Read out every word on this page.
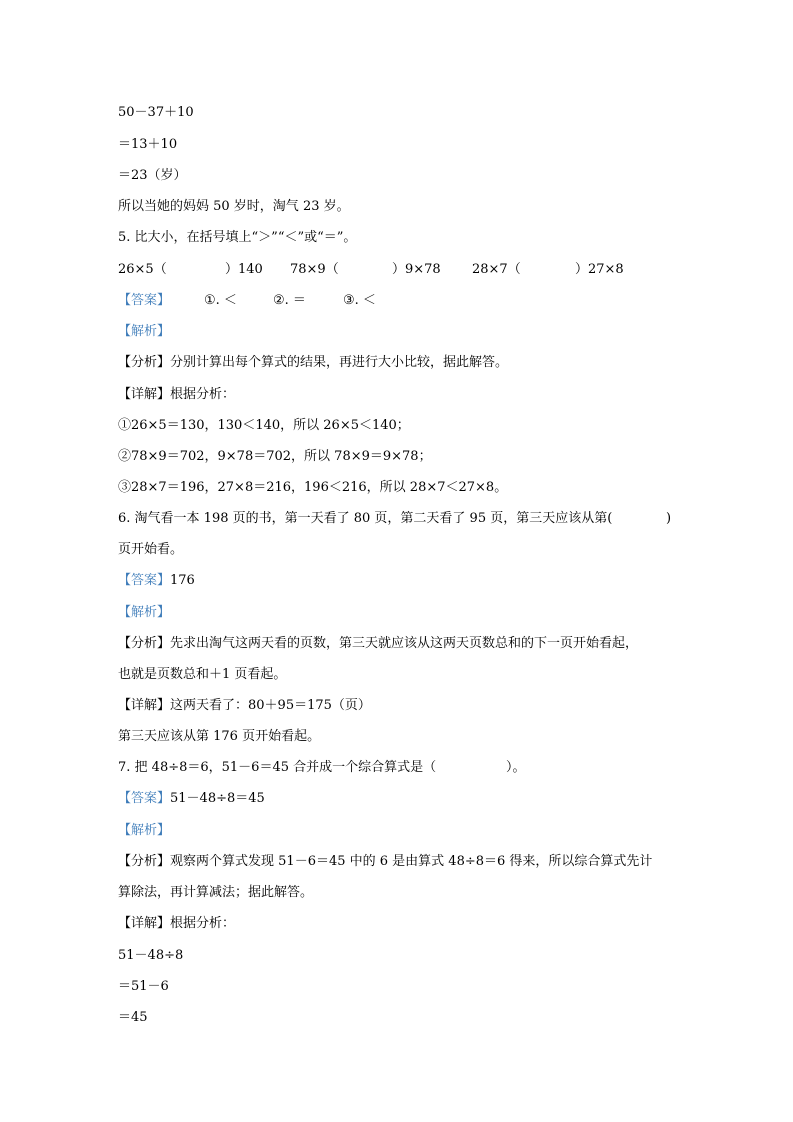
50－37＋10
＝13＋10
＝23（岁）
所以当她的妈妈 50 岁时，淘气 23 岁。
5. 比大小，在括号填上“＞”“＜”或“＝”。
26×5（	）140 78×9（	）9×78 28×7（	）27×8
【答案】	①. ＜	②. ＝	③. ＜
【解析】
【分析】分别计算出每个算式的结果，再进行大小比较，据此解答。
【详解】根据分析：
①26×5＝130，130＜140，所以 26×5＜140；
②78×9＝702，9×78＝702，所以 78×9＝9×78；
③28×7＝196，27×8＝216，196＜216，所以 28×7＜27×8。
6. 淘气看一本 198 页的书，第一天看了 80 页，第二天看了 95 页，第三天应该从第(	)
页开始看。
【答案】176
【解析】
【分析】先求出淘气这两天看的页数，第三天就应该从这两天页数总和的下一页开始看起，
也就是页数总和＋1 页看起。
【详解】这两天看了：80＋95＝175（页）
第三天应该从第 176 页开始看起。
7. 把 48÷8＝6，51－6＝45 合并成一个综合算式是（	）。
【答案】51－48÷8＝45
【解析】
【分析】观察两个算式发现 51－6＝45 中的 6 是由算式 48÷8＝6 得来，所以综合算式先计
算除法，再计算减法；据此解答。
【详解】根据分析：
51－48÷8
＝51－6
＝45
